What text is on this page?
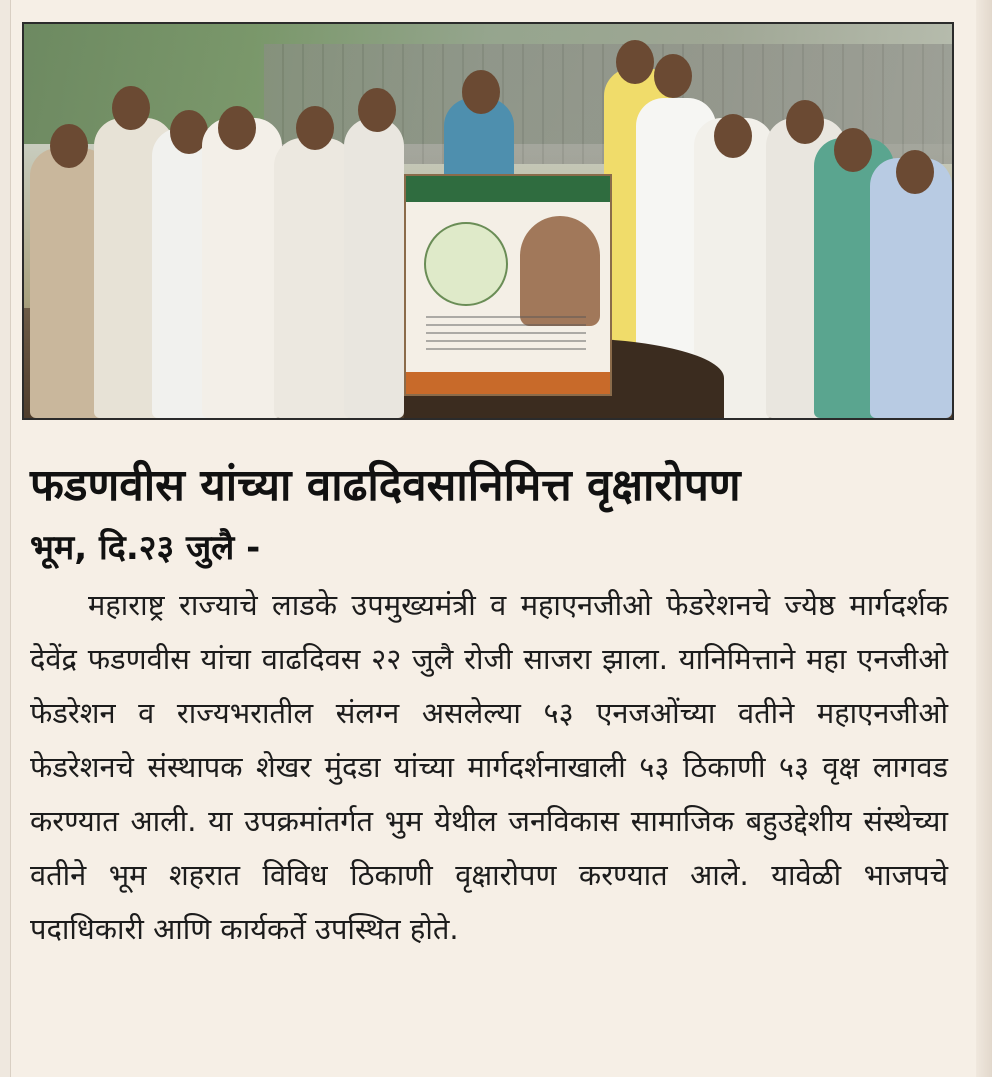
फडणवीस यांच्या वाढदिवसानिमित्त वृक्षारोपण

भूम, दि.२३ जुलै -

महाराष्ट्र राज्याचे लाडके उपमुख्यमंत्री व महाएनजीओ फेडरेशनचे ज्येष्ठ मार्गदर्शक देवेंद्र फडणवीस यांचा वाढदिवस २२ जुलै रोजी साजरा झाला. यानिमित्ताने महा एनजीओ फेडरेशन व राज्यभरातील संलग्न असलेल्या ५३ एनजओंच्या वतीने महाएनजीओ फेडरेशनचे संस्थापक शेखर मुंदडा यांच्या मार्गदर्शनाखाली ५३ ठिकाणी ५३ वृक्ष लागवड करण्यात आली. या उपक्रमांतर्गत भुम येथील जनविकास सामाजिक बहुउद्देशीय संस्थेच्या वतीने भूम शहरात विविध ठिकाणी वृक्षारोपण करण्यात आले. यावेळी भाजपचे पदाधिकारी आणि कार्यकर्ते उपस्थित होते.
